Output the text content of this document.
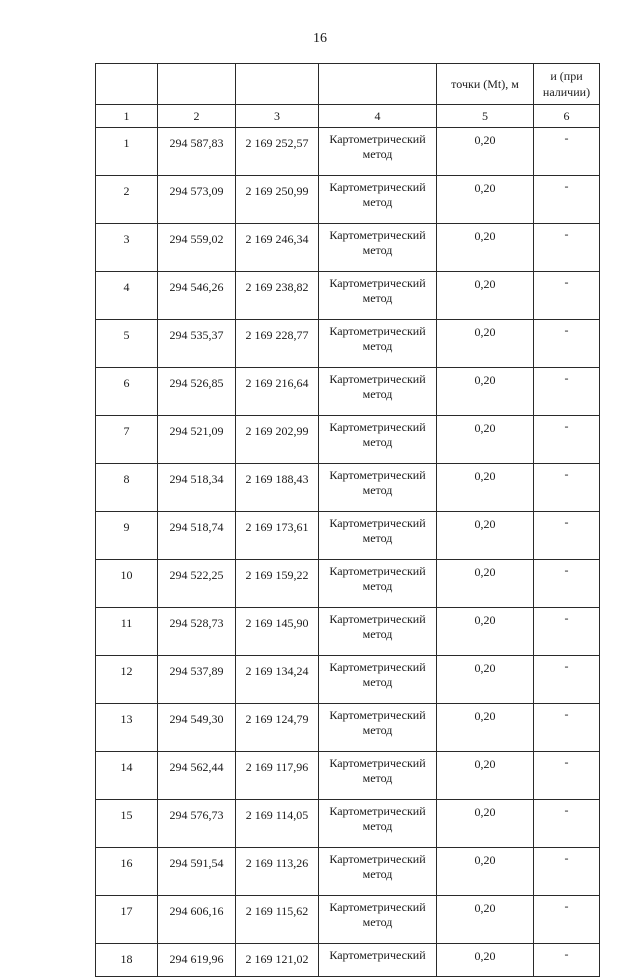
16
				точки (Mt), м	и (при наличии)
1	2	3	4	5	6
1	294 587,83	2 169 252,57	Картометрический
метод	0,20	-
2	294 573,09	2 169 250,99	Картометрический
метод	0,20	-
3	294 559,02	2 169 246,34	Картометрический
метод	0,20	-
4	294 546,26	2 169 238,82	Картометрический
метод	0,20	-
5	294 535,37	2 169 228,77	Картометрический
метод	0,20	-
6	294 526,85	2 169 216,64	Картометрический
метод	0,20	-
7	294 521,09	2 169 202,99	Картометрический
метод	0,20	-
8	294 518,34	2 169 188,43	Картометрический
метод	0,20	-
9	294 518,74	2 169 173,61	Картометрический
метод	0,20	-
10	294 522,25	2 169 159,22	Картометрический
метод	0,20	-
11	294 528,73	2 169 145,90	Картометрический
метод	0,20	-
12	294 537,89	2 169 134,24	Картометрический
метод	0,20	-
13	294 549,30	2 169 124,79	Картометрический
метод	0,20	-
14	294 562,44	2 169 117,96	Картометрический
метод	0,20	-
15	294 576,73	2 169 114,05	Картометрический
метод	0,20	-
16	294 591,54	2 169 113,26	Картометрический
метод	0,20	-
17	294 606,16	2 169 115,62	Картометрический
метод	0,20	-
18	294 619,96	2 169 121,02	Картометрический	0,20	-
